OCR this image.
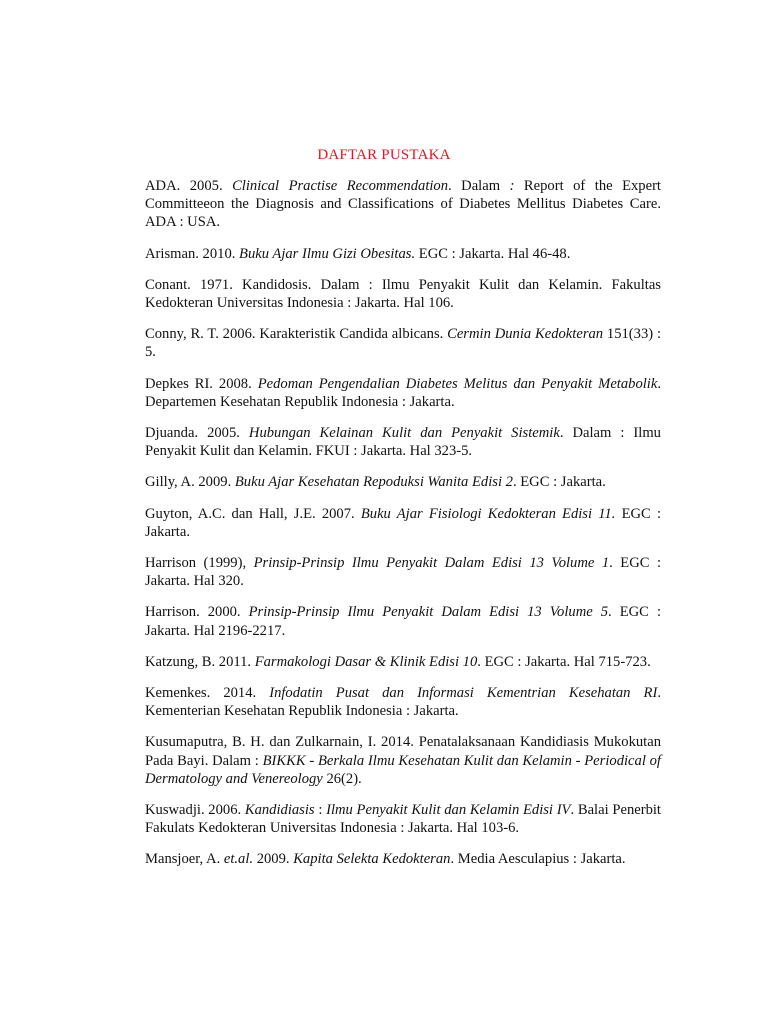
DAFTAR PUSTAKA

ADA. 2005. Clinical Practise Recommendation. Dalam : Report of the Expert Committeeon the Diagnosis and Classifications of Diabetes Mellitus Diabetes Care. ADA : USA.

Arisman. 2010. Buku Ajar Ilmu Gizi Obesitas. EGC : Jakarta. Hal 46-48.

Conant. 1971. Kandidosis. Dalam : Ilmu Penyakit Kulit dan Kelamin. Fakultas Kedokteran Universitas Indonesia : Jakarta. Hal 106.

Conny, R. T. 2006. Karakteristik Candida albicans. Cermin Dunia Kedokteran 151(33) : 5.

Depkes RI. 2008. Pedoman Pengendalian Diabetes Melitus dan Penyakit Metabolik. Departemen Kesehatan Republik Indonesia : Jakarta.

Djuanda. 2005. Hubungan Kelainan Kulit dan Penyakit Sistemik. Dalam : Ilmu Penyakit Kulit dan Kelamin. FKUI : Jakarta. Hal 323-5.

Gilly, A. 2009. Buku Ajar Kesehatan Repoduksi Wanita Edisi 2. EGC : Jakarta.

Guyton, A.C. dan Hall, J.E. 2007. Buku Ajar Fisiologi Kedokteran Edisi 11. EGC : Jakarta.

Harrison (1999), Prinsip-Prinsip Ilmu Penyakit Dalam Edisi 13 Volume 1. EGC : Jakarta. Hal 320.

Harrison. 2000. Prinsip-Prinsip Ilmu Penyakit Dalam Edisi 13 Volume 5. EGC : Jakarta. Hal 2196-2217.

Katzung, B. 2011. Farmakologi Dasar & Klinik Edisi 10. EGC : Jakarta. Hal 715-723.

Kemenkes. 2014. Infodatin Pusat dan Informasi Kementrian Kesehatan RI. Kementerian Kesehatan Republik Indonesia : Jakarta.

Kusumaputra, B. H. dan Zulkarnain, I. 2014. Penatalaksanaan Kandidiasis Mukokutan Pada Bayi. Dalam : BIKKK - Berkala Ilmu Kesehatan Kulit dan Kelamin - Periodical of Dermatology and Venereology 26(2).

Kuswadji. 2006. Kandidiasis : Ilmu Penyakit Kulit dan Kelamin Edisi IV. Balai Penerbit Fakulats Kedokteran Universitas Indonesia : Jakarta. Hal 103-6.

Mansjoer, A. et.al. 2009. Kapita Selekta Kedokteran. Media Aesculapius : Jakarta.
